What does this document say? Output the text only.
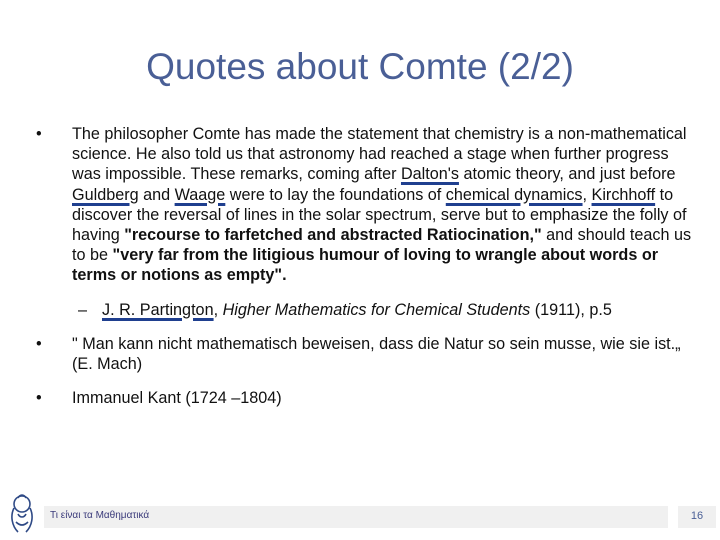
Quotes about Comte (2/2)
• The philosopher Comte has made the statement that chemistry is a non-mathematical science. He also told us that astronomy had reached a stage when further progress was impossible. These remarks, coming after Dalton's atomic theory, and just before Guldberg and Waage were to lay the foundations of chemical dynamics, Kirchhoff to discover the reversal of lines in the solar spectrum, serve but to emphasize the folly of having "recourse to farfetched and abstracted Ratiocination," and should teach us to be "very far from the litigious humour of loving to wrangle about words or terms or notions as empty".
– J. R. Partington, Higher Mathematics for Chemical Students (1911), p.5
• " Man kann nicht mathematisch beweisen, dass die Natur so sein musse, wie sie ist.„ (E. Mach)
• Immanuel Kant (1724 –1804)
Τι είναι τα Μαθηματικά	16
